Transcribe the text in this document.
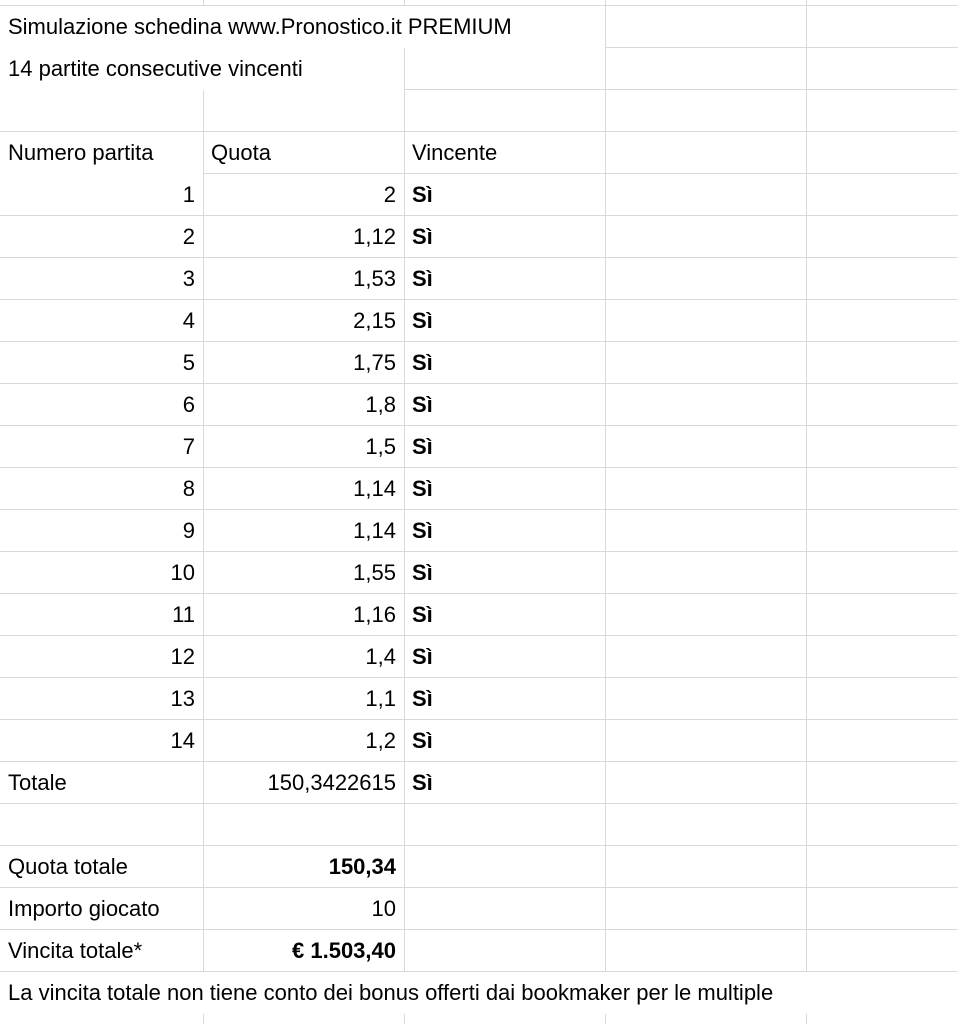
Simulazione schedina www.Pronostico.it PREMIUM
14 partite consecutive vincenti
Numero partita	Quota	Vincente
1	2 Sì
2	1,12 Sì
3	1,53 Sì
4	2,15 Sì
5	1,75 Sì
6	1,8 Sì
7	1,5 Sì
8	1,14 Sì
9	1,14 Sì
10	1,55 Sì
11	1,16 Sì
12	1,4 Sì
13	1,1 Sì
14	1,2 Sì
Totale	150,3422615 Sì
Quota totale	150,34
Importo giocato	10
Vincita totale*	€ 1.503,40
La vincita totale non tiene conto dei bonus offerti dai bookmaker per le multiple
